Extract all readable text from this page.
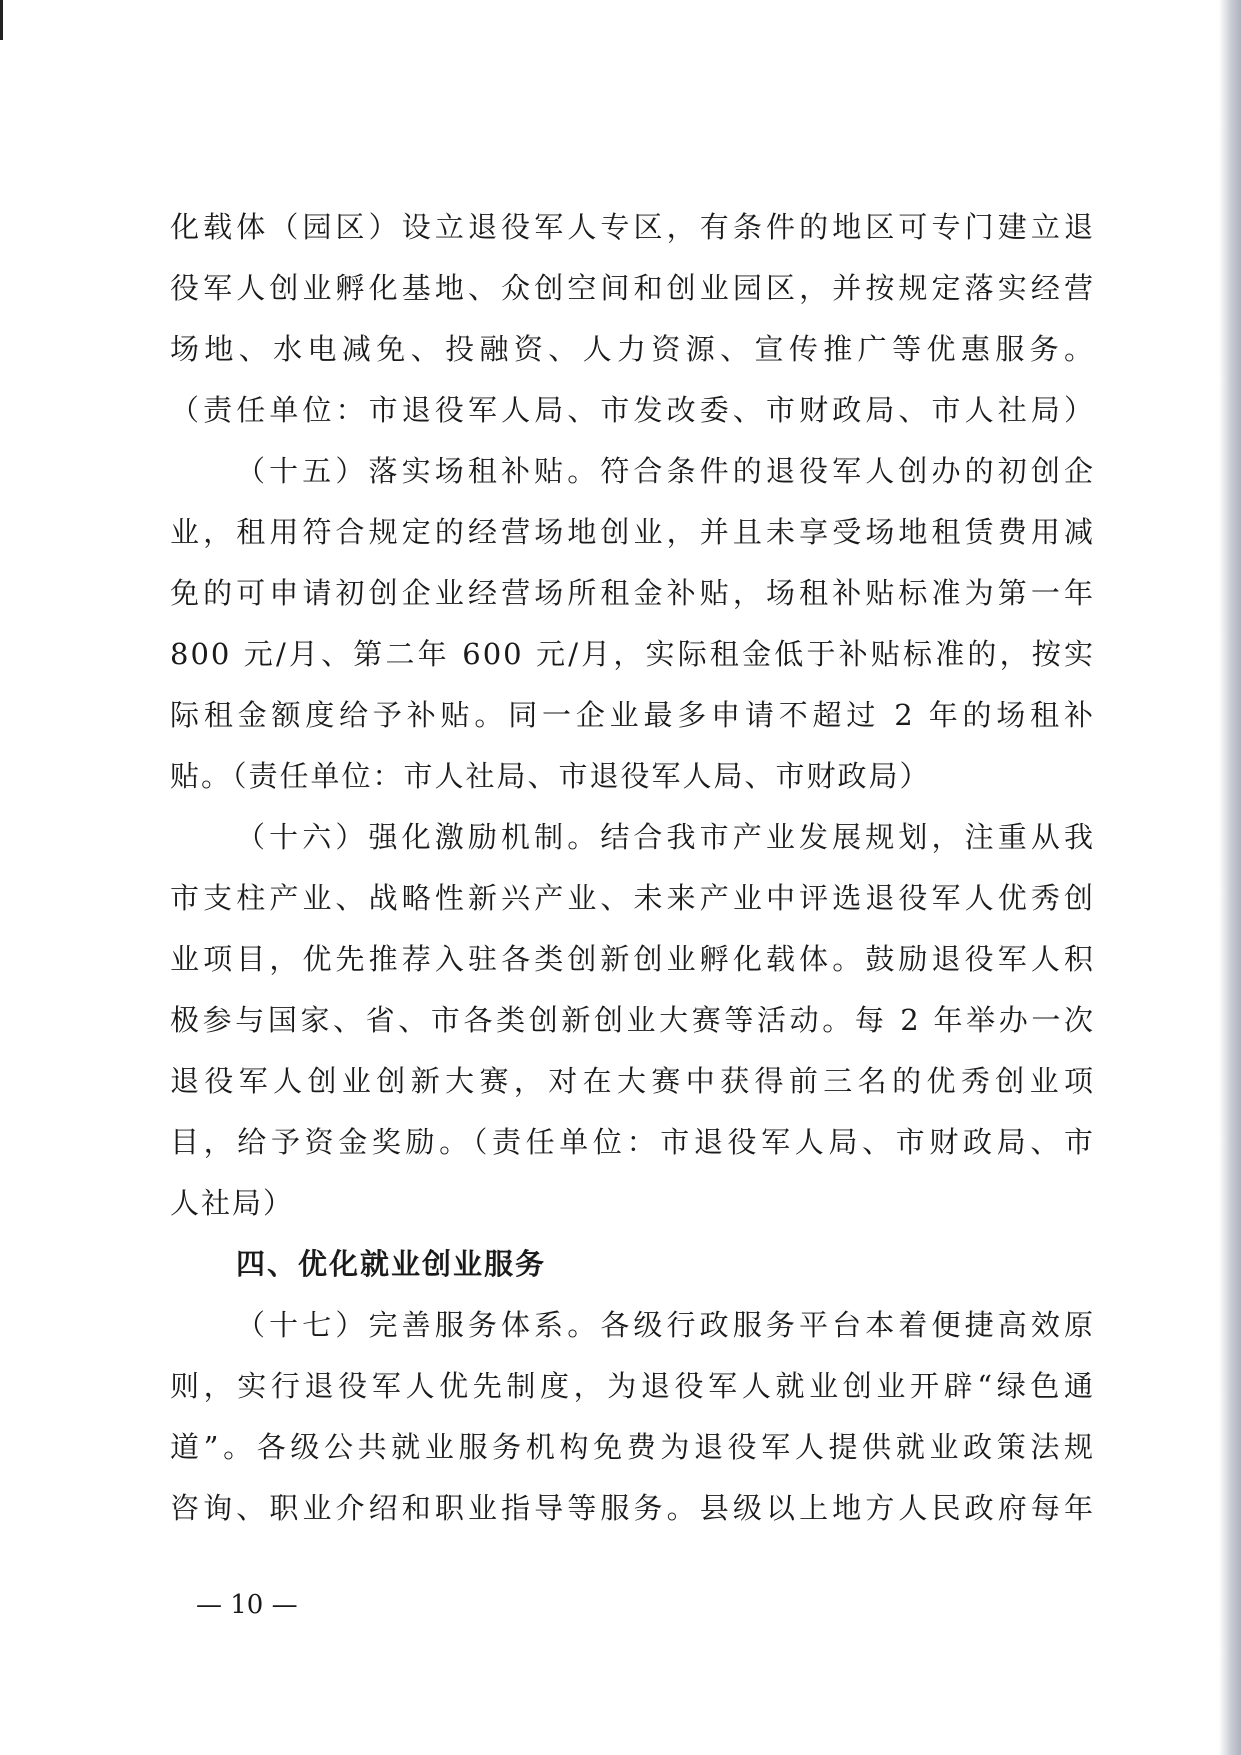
化载体（园区）设立退役军人专区，有条件的地区可专门建立退
役军人创业孵化基地、众创空间和创业园区，并按规定落实经营
场地、水电减免、投融资、人力资源、宣传推广等优惠服务。
（责任单位：市退役军人局、市发改委、市财政局、市人社局）
（十五）落实场租补贴。符合条件的退役军人创办的初创企
业，租用符合规定的经营场地创业，并且未享受场地租赁费用减
免的可申请初创企业经营场所租金补贴，场租补贴标准为第一年
800 元/月、第二年 600 元/月，实际租金低于补贴标准的，按实
际租金额度给予补贴。同一企业最多申请不超过 2 年的场租补
贴。（责任单位：市人社局、市退役军人局、市财政局）
（十六）强化激励机制。结合我市产业发展规划，注重从我
市支柱产业、战略性新兴产业、未来产业中评选退役军人优秀创
业项目，优先推荐入驻各类创新创业孵化载体。鼓励退役军人积
极参与国家、省、市各类创新创业大赛等活动。每 2 年举办一次
退役军人创业创新大赛，对在大赛中获得前三名的优秀创业项
目，给予资金奖励。（责任单位：市退役军人局、市财政局、市
人社局）
四、优化就业创业服务
（十七）完善服务体系。各级行政服务平台本着便捷高效原
则，实行退役军人优先制度，为退役军人就业创业开辟“绿色通
道”。各级公共就业服务机构免费为退役军人提供就业政策法规
咨询、职业介绍和职业指导等服务。县级以上地方人民政府每年
— 10 —
